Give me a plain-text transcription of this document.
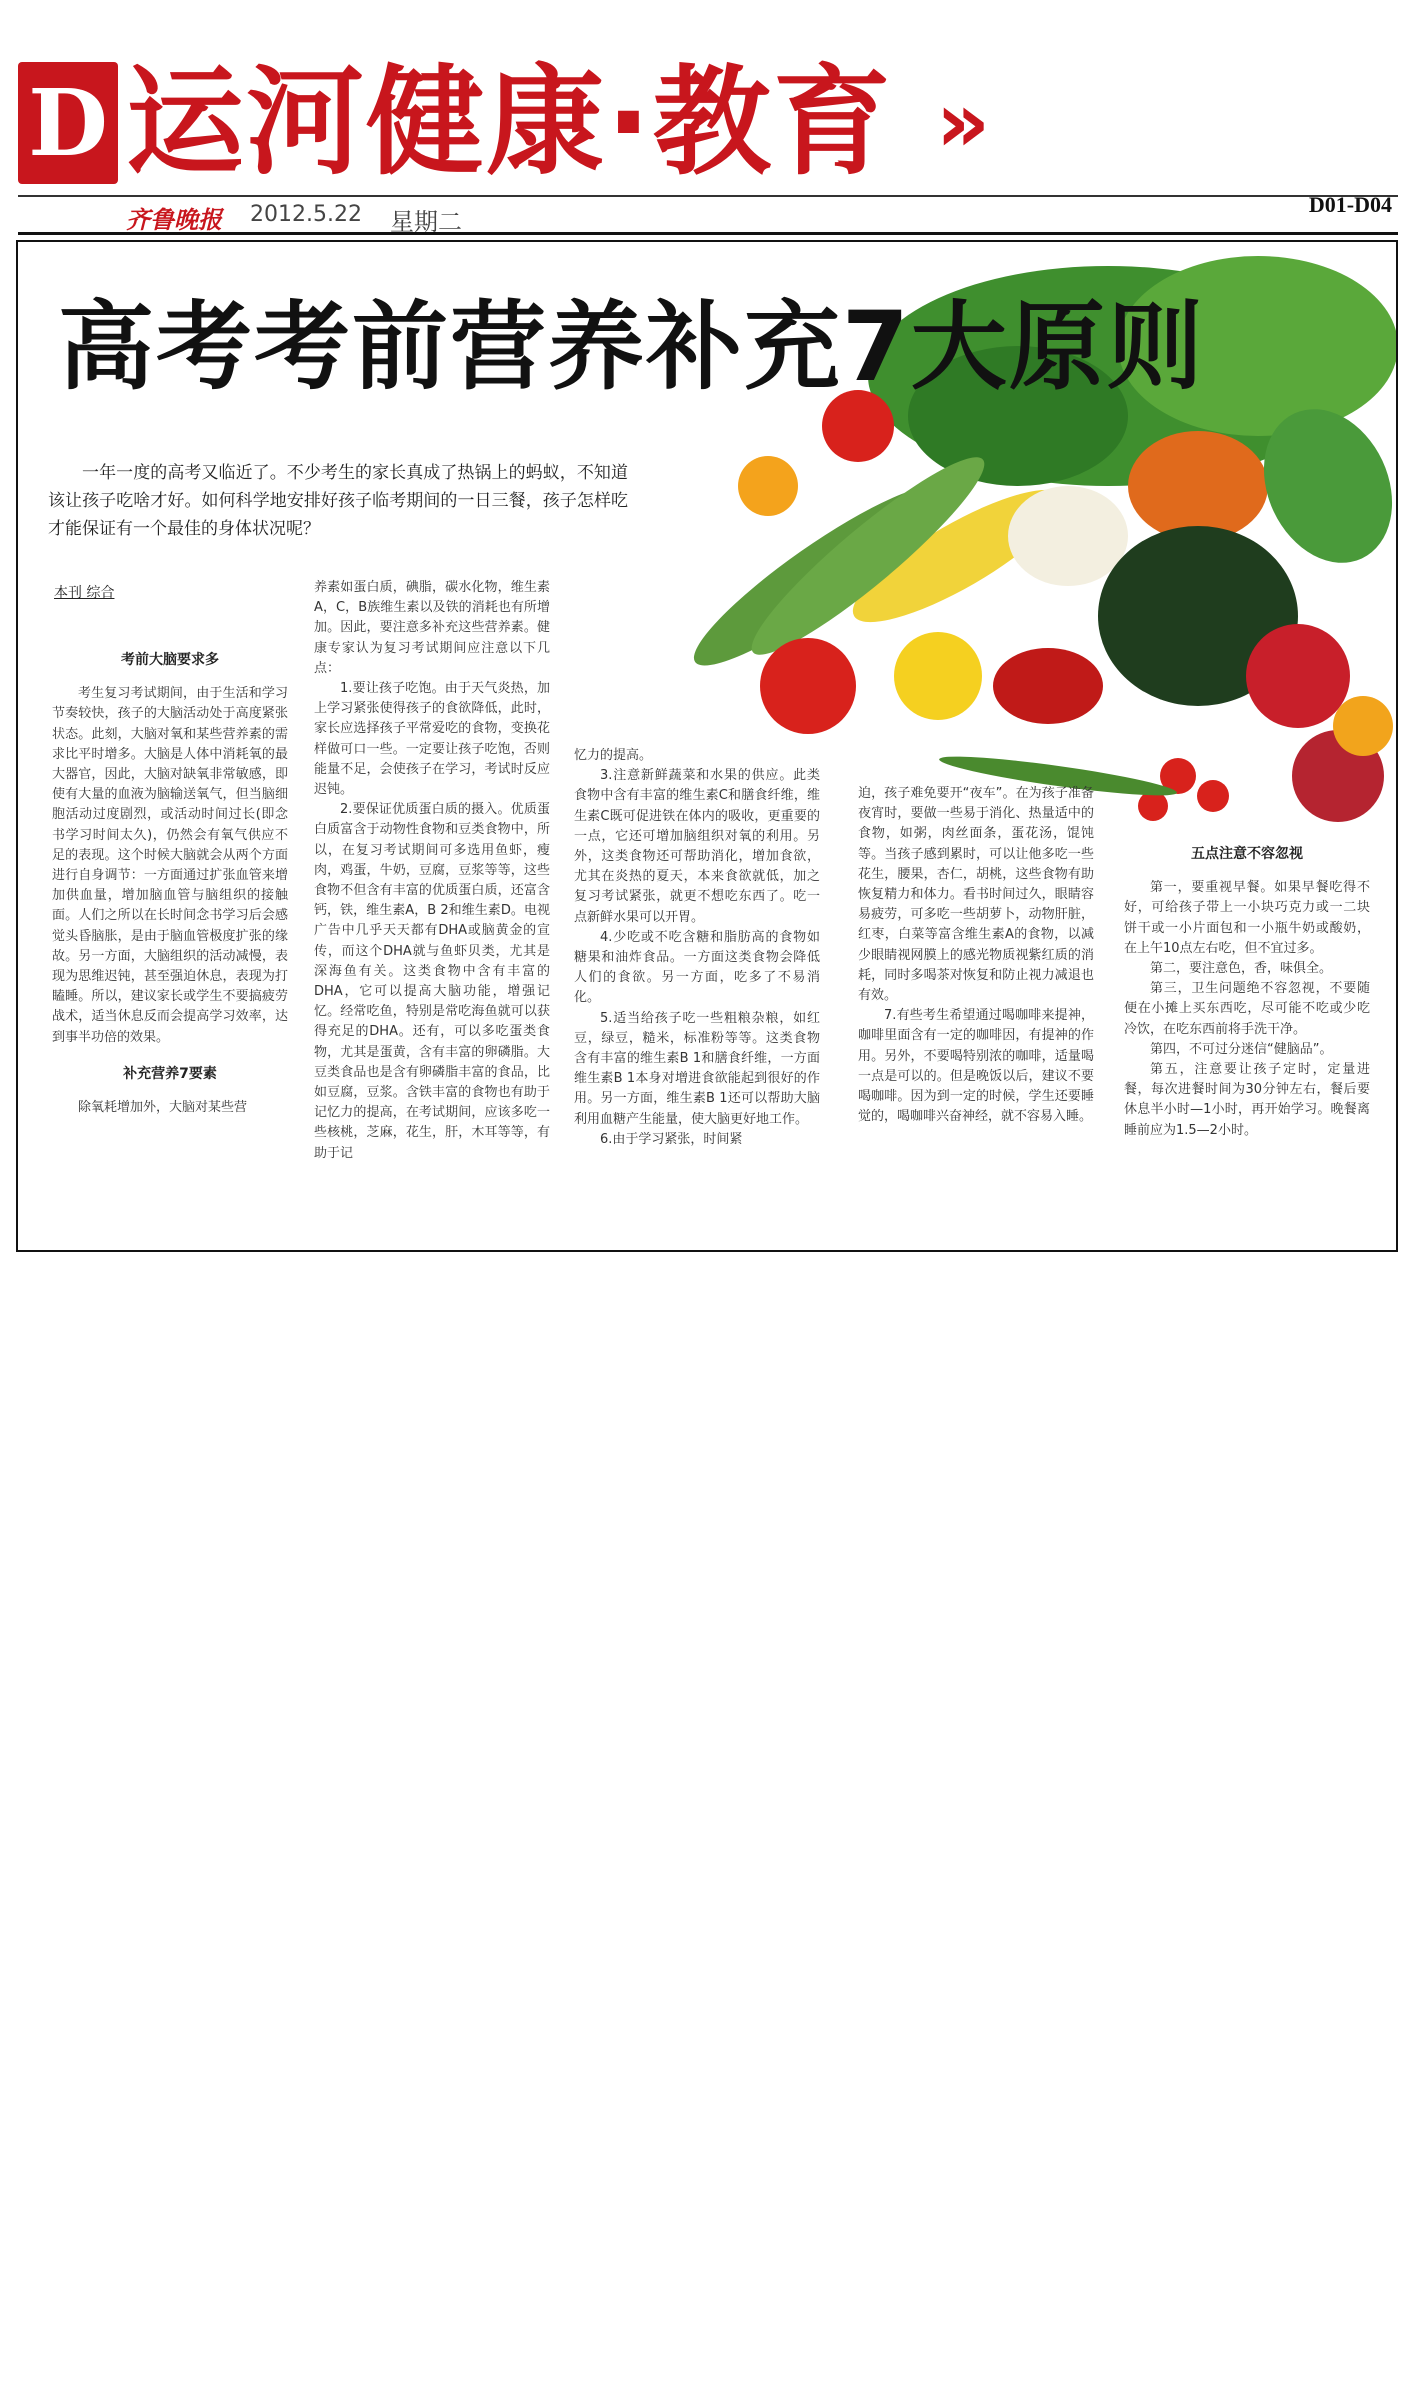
D 运河健康·教育 »
齐鲁晚报 2012.5.22 星期二
D01-D04
高考考前营养补充7大原则

一年一度的高考又临近了。不少考生的家长真成了热锅上的蚂蚁，不知道该让孩子吃啥才好。如何科学地安排好孩子临考期间的一日三餐，孩子怎样吃才能保证有一个最佳的身体状况呢？

本刊 综合

考前大脑要求多

考生复习考试期间，由于生活和学习节奏较快，孩子的大脑活动处于高度紧张状态。此刻，大脑对氧和某些营养素的需求比平时增多。大脑是人体中消耗氧的最大器官，因此，大脑对缺氧非常敏感，即使有大量的血液为脑输送氧气，但当脑细胞活动过度剧烈，或活动时间过长(即念书学习时间太久)，仍然会有氧气供应不足的表现。这个时候大脑就会从两个方面进行自身调节：一方面通过扩张血管来增加供血量，增加脑血管与脑组织的接触面。人们之所以在长时间念书学习后会感觉头昏脑胀，是由于脑血管极度扩张的缘故。另一方面，大脑组织的活动减慢，表现为思维迟钝，甚至强迫休息，表现为打瞌睡。所以，建议家长或学生不要搞疲劳战术，适当休息反而会提高学习效率，达到事半功倍的效果。

补充营养7要素

除氧耗增加外，大脑对某些营

养素如蛋白质，碘脂，碳水化物，维生素A，C，B族维生素以及铁的消耗也有所增加。因此，要注意多补充这些营养素。健康专家认为复习考试期间应注意以下几点：

1.要让孩子吃饱。由于天气炎热，加上学习紧张使得孩子的食欲降低，此时，家长应选择孩子平常爱吃的食物，变换花样做可口一些。一定要让孩子吃饱，否则能量不足，会使孩子在学习，考试时反应迟钝。

2.要保证优质蛋白质的摄入。优质蛋白质富含于动物性食物和豆类食物中，所以，在复习考试期间可多选用鱼虾，瘦肉，鸡蛋，牛奶，豆腐，豆浆等等，这些食物不但含有丰富的优质蛋白质，还富含钙，铁，维生素A，B 2和维生素D。电视广告中几乎天天都有DHA或脑黄金的宣传，而这个DHA就与鱼虾贝类，尤其是深海鱼有关。这类食物中含有丰富的DHA，它可以提高大脑功能，增强记忆。经常吃鱼，特别是常吃海鱼就可以获得充足的DHA。还有，可以多吃蛋类食物，尤其是蛋黄，含有丰富的卵磷脂。大豆类食品也是含有卵磷脂丰富的食品，比如豆腐，豆浆。含铁丰富的食物也有助于记忆力的提高，在考试期间，应该多吃一些核桃，芝麻，花生，肝，木耳等等，有助于记

忆力的提高。

3.注意新鲜蔬菜和水果的供应。此类食物中含有丰富的维生素C和膳食纤维，维生素C既可促进铁在体内的吸收，更重要的一点，它还可增加脑组织对氧的利用。另外，这类食物还可帮助消化，增加食欲，尤其在炎热的夏天，本来食欲就低，加之复习考试紧张，就更不想吃东西了。吃一点新鲜水果可以开胃。

4.少吃或不吃含糖和脂肪高的食物如糖果和油炸食品。一方面这类食物会降低人们的食欲。另一方面，吃多了不易消化。

5.适当给孩子吃一些粗粮杂粮，如红豆，绿豆，糙米，标准粉等等。这类食物含有丰富的维生素B 1和膳食纤维，一方面维生素B 1本身对增进食欲能起到很好的作用。另一方面，维生素B 1还可以帮助大脑利用血糖产生能量，使大脑更好地工作。

6.由于学习紧张，时间紧

迫，孩子难免要开“夜车”。在为孩子准备夜宵时，要做一些易于消化、热量适中的食物，如粥，肉丝面条，蛋花汤，馄饨等。当孩子感到累时，可以让他多吃一些花生，腰果，杏仁，胡桃，这些食物有助恢复精力和体力。看书时间过久，眼睛容易疲劳，可多吃一些胡萝卜，动物肝脏，红枣，白菜等富含维生素A的食物，以减少眼睛视网膜上的感光物质视紫红质的消耗，同时多喝茶对恢复和防止视力减退也有效。

7.有些考生希望通过喝咖啡来提神，咖啡里面含有一定的咖啡因，有提神的作用。另外，不要喝特别浓的咖啡，适量喝一点是可以的。但是晚饭以后，建议不要喝咖啡。因为到一定的时候，学生还要睡觉的，喝咖啡兴奋神经，就不容易入睡。

五点注意不容忽视

第一，要重视早餐。如果早餐吃得不好，可给孩子带上一小块巧克力或一二块饼干或一小片面包和一小瓶牛奶或酸奶，在上午10点左右吃，但不宜过多。

第二，要注意色，香，味俱全。

第三，卫生问题绝不容忽视，不要随便在小摊上买东西吃，尽可能不吃或少吃冷饮，在吃东西前将手洗干净。

第四，不可过分迷信“健脑品”。

第五，注意要让孩子定时，定量进餐，每次进餐时间为30分钟左右，餐后要休息半小时—1小时，再开始学习。晚餐离睡前应为1.5—2小时。
